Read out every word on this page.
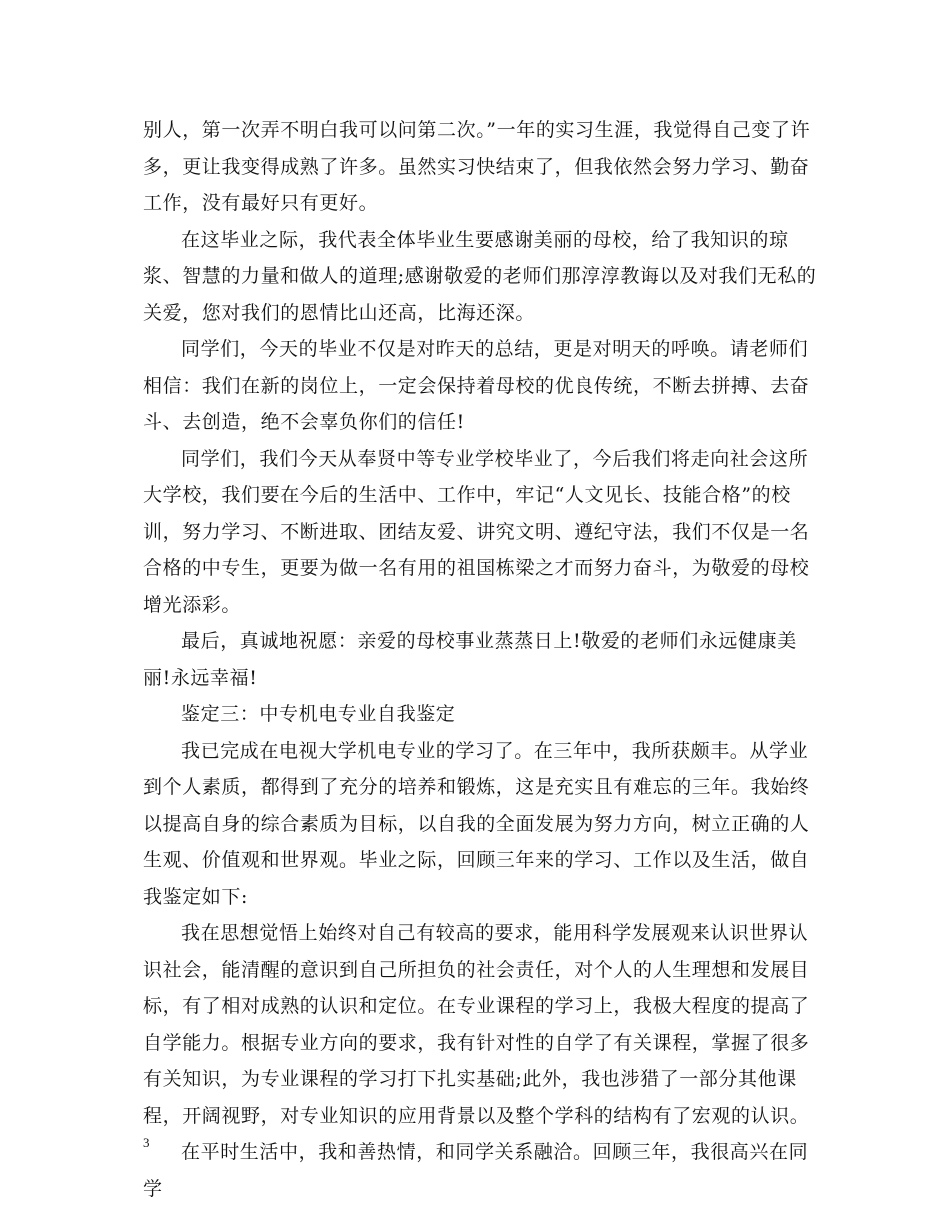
别人，第一次弄不明白我可以问第二次。”一年的实习生涯，我觉得自己变了许多，更让我变得成熟了许多。虽然实习快结束了，但我依然会努力学习、勤奋工作，没有最好只有更好。

在这毕业之际，我代表全体毕业生要感谢美丽的母校，给了我知识的琼浆、智慧的力量和做人的道理;感谢敬爱的老师们那淳淳教诲以及对我们无私的关爱，您对我们的恩情比山还高，比海还深。

同学们，今天的毕业不仅是对昨天的总结，更是对明天的呼唤。请老师们相信：我们在新的岗位上，一定会保持着母校的优良传统，不断去拼搏、去奋斗、去创造，绝不会辜负你们的信任!

同学们，我们今天从奉贤中等专业学校毕业了，今后我们将走向社会这所大学校，我们要在今后的生活中、工作中，牢记“人文见长、技能合格”的校训，努力学习、不断进取、团结友爱、讲究文明、遵纪守法，我们不仅是一名合格的中专生，更要为做一名有用的祖国栋梁之才而努力奋斗，为敬爱的母校增光添彩。

最后，真诚地祝愿：亲爱的母校事业蒸蒸日上!敬爱的老师们永远健康美丽!永远幸福!

鉴定三：中专机电专业自我鉴定

我已完成在电视大学机电专业的学习了。在三年中，我所获颇丰。从学业到个人素质，都得到了充分的培养和锻炼，这是充实且有难忘的三年。我始终以提高自身的综合素质为目标，以自我的全面发展为努力方向，树立正确的人生观、价值观和世界观。毕业之际，回顾三年来的学习、工作以及生活，做自我鉴定如下:

我在思想觉悟上始终对自己有较高的要求，能用科学发展观来认识世界认识社会，能清醒的意识到自己所担负的社会责任，对个人的人生理想和发展目标，有了相对成熟的认识和定位。在专业课程的学习上，我极大程度的提高了自学能力。根据专业方向的要求，我有针对性的自学了有关课程，掌握了很多有关知识，为专业课程的学习打下扎实基础;此外，我也涉猎了一部分其他课程，开阔视野，对专业知识的应用背景以及整个学科的结构有了宏观的认识。

在平时生活中，我和善热情，和同学关系融洽。回顾三年，我很高兴在同学

3
